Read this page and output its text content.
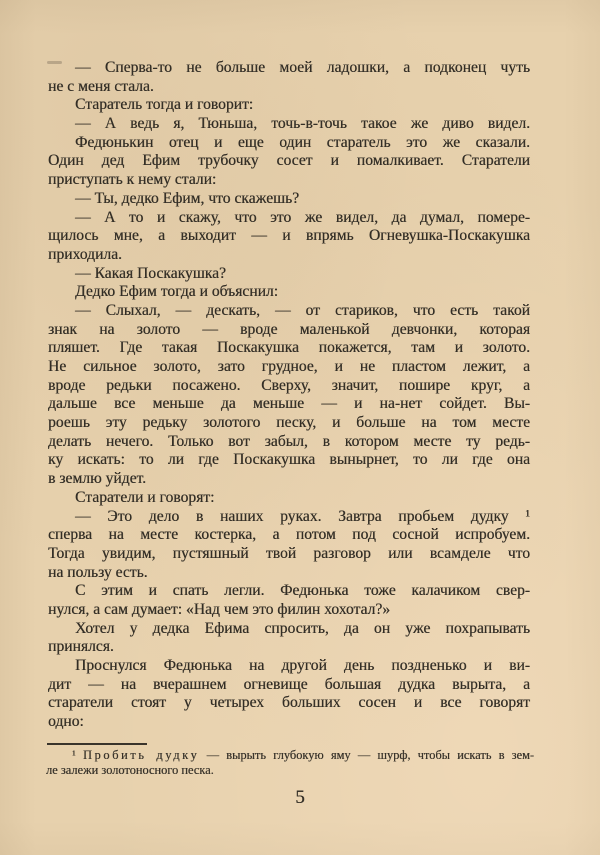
— Сперва-то не больше моей ладошки, а подконец чуть
не с меня стала.
Старатель тогда и говорит:
— А ведь я, Тюньша, точь-в-точь такое же диво видел.
Федюнькин отец и еще один старатель это же сказали.
Один дед Ефим трубочку сосет и помалкивает. Старатели
приступать к нему стали:
— Ты, дедко Ефим, что скажешь?
— А то и скажу, что это же видел, да думал, помере-
щилось мне, а выходит — и впрямь Огневушка-Поскакушка
приходила.
— Какая Поскакушка?
Дедко Ефим тогда и объяснил:
— Слыхал, — дескать, — от стариков, что есть такой
знак на золото — вроде маленькой девчонки, которая
пляшет. Где такая Поскакушка покажется, там и золото.
Не сильное золото, зато грудное, и не пластом лежит, а
вроде редьки посажено. Сверху, значит, пошире круг, а
дальше все меньше да меньше — и на-нет сойдет. Вы-
роешь эту редьку золотого песку, и больше на том месте
делать нечего. Только вот забыл, в котором месте ту редь-
ку искать: то ли где Поскакушка вынырнет, то ли где она
в землю уйдет.
Старатели и говорят:
— Это дело в наших руках. Завтра пробьем дудку ¹
сперва на месте костерка, а потом под сосной испробуем.
Тогда увидим, пустяшный твой разговор или всамделе что
на пользу есть.
С этим и спать легли. Федюнька тоже калачиком свер-
нулся, а сам думает: «Над чем это филин хохотал?»
Хотел у дедка Ефима спросить, да он уже похрапывать
принялся.
Проснулся Федюнька на другой день поздненько и ви-
дит — на вчерашнем огневище большая дудка вырыта, а
старатели стоят у четырех больших сосен и все говорят
одно:
¹ Пробить дудку — вырыть глубокую яму — шурф, чтобы искать в зем-
ле залежи золотоносного песка.
5
